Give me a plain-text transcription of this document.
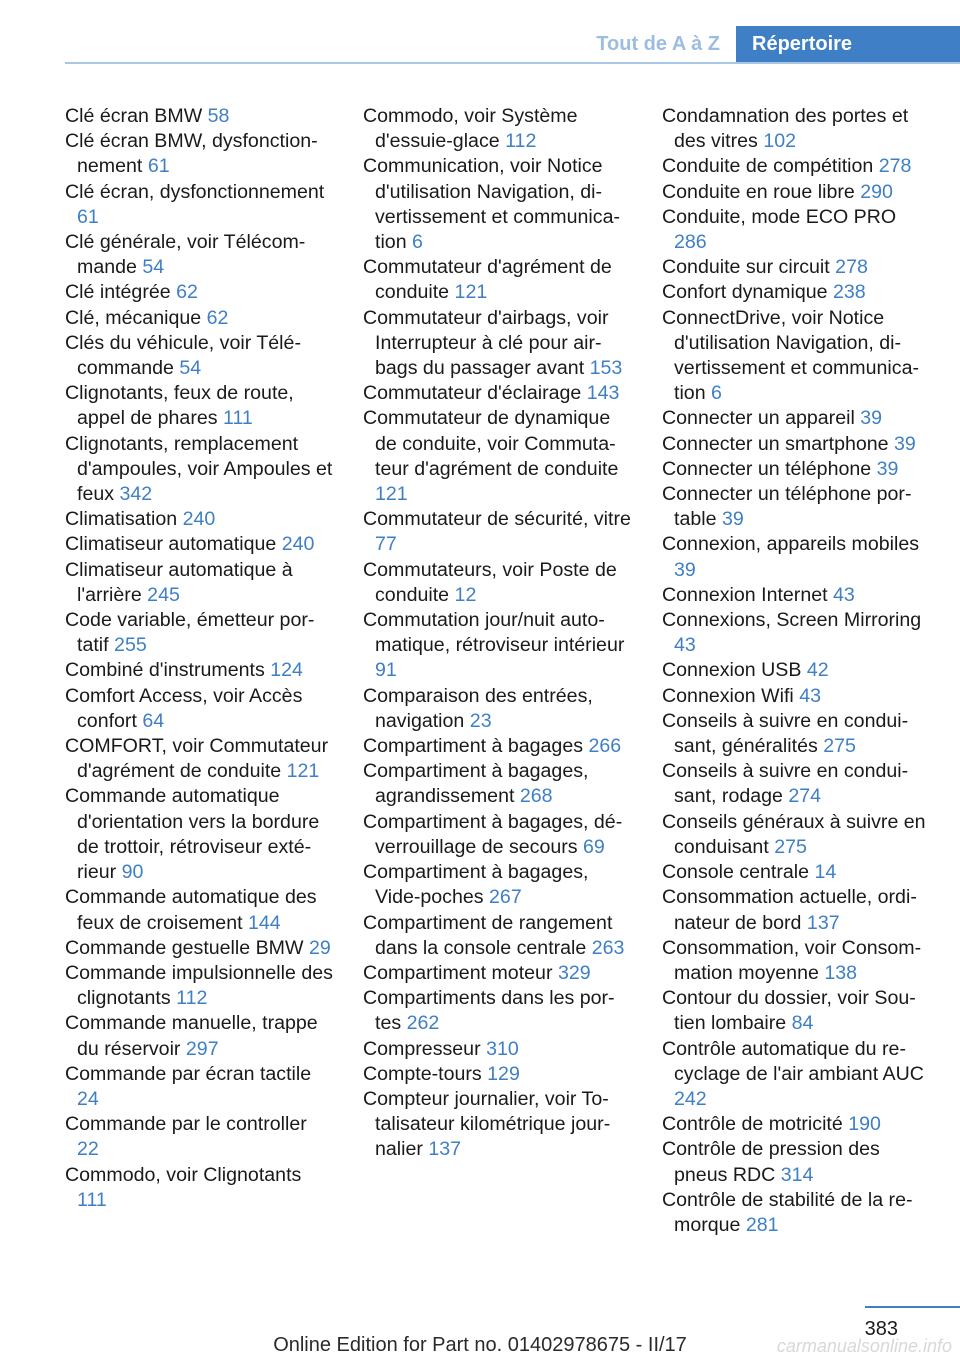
Tout de A à Z	Répertoire
Clé écran BMW 58
Clé écran BMW, dysfonctionnement 61
Clé écran, dysfonctionnement 61
Clé générale, voir Télécommande 54
Clé intégrée 62
Clé, mécanique 62
Clés du véhicule, voir Télécommande 54
Clignotants, feux de route, appel de phares 111
Clignotants, remplacement d'ampoules, voir Ampoules et feux 342
Climatisation 240
Climatiseur automatique 240
Climatiseur automatique à l'arrière 245
Code variable, émetteur portatif 255
Combiné d'instruments 124
Comfort Access, voir Accès confort 64
COMFORT, voir Commutateur d'agrément de conduite 121
Commande automatique d'orientation vers la bordure de trottoir, rétroviseur extérieur 90
Commande automatique des feux de croisement 144
Commande gestuelle BMW 29
Commande impulsionnelle des clignotants 112
Commande manuelle, trappe du réservoir 297
Commande par écran tactile 24
Commande par le controller 22
Commodo, voir Clignotants 111
Commodo, voir Système d'essuie-glace 112
Communication, voir Notice d'utilisation Navigation, divertissement et communication 6
Commutateur d'agrément de conduite 121
Commutateur d'airbags, voir Interrupteur à clé pour airbags du passager avant 153
Commutateur d'éclairage 143
Commutateur de dynamique de conduite, voir Commutateur d'agrément de conduite 121
Commutateur de sécurité, vitre 77
Commutateurs, voir Poste de conduite 12
Commutation jour/nuit automatique, rétroviseur intérieur 91
Comparaison des entrées, navigation 23
Compartiment à bagages 266
Compartiment à bagages, agrandissement 268
Compartiment à bagages, déverrouillage de secours 69
Compartiment à bagages, Vide-poches 267
Compartiment de rangement dans la console centrale 263
Compartiment moteur 329
Compartiments dans les portes 262
Compresseur 310
Compte-tours 129
Compteur journalier, voir Totalisateur kilométrique journalier 137
Condamnation des portes et des vitres 102
Conduite de compétition 278
Conduite en roue libre 290
Conduite, mode ECO PRO 286
Conduite sur circuit 278
Confort dynamique 238
ConnectDrive, voir Notice d'utilisation Navigation, divertissement et communication 6
Connecter un appareil 39
Connecter un smartphone 39
Connecter un téléphone 39
Connecter un téléphone portable 39
Connexion, appareils mobiles 39
Connexion Internet 43
Connexions, Screen Mirroring 43
Connexion USB 42
Connexion Wifi 43
Conseils à suivre en conduisant, généralités 275
Conseils à suivre en conduisant, rodage 274
Conseils généraux à suivre en conduisant 275
Console centrale 14
Consommation actuelle, ordinateur de bord 137
Consommation, voir Consommation moyenne 138
Contour du dossier, voir Soutien lombaire 84
Contrôle automatique du recyclage de l'air ambiant AUC 242
Contrôle de motricité 190
Contrôle de pression des pneus RDC 314
Contrôle de stabilité de la remorque 281
383
Online Edition for Part no. 01402978675 - II/17	carmanualsonline.info
